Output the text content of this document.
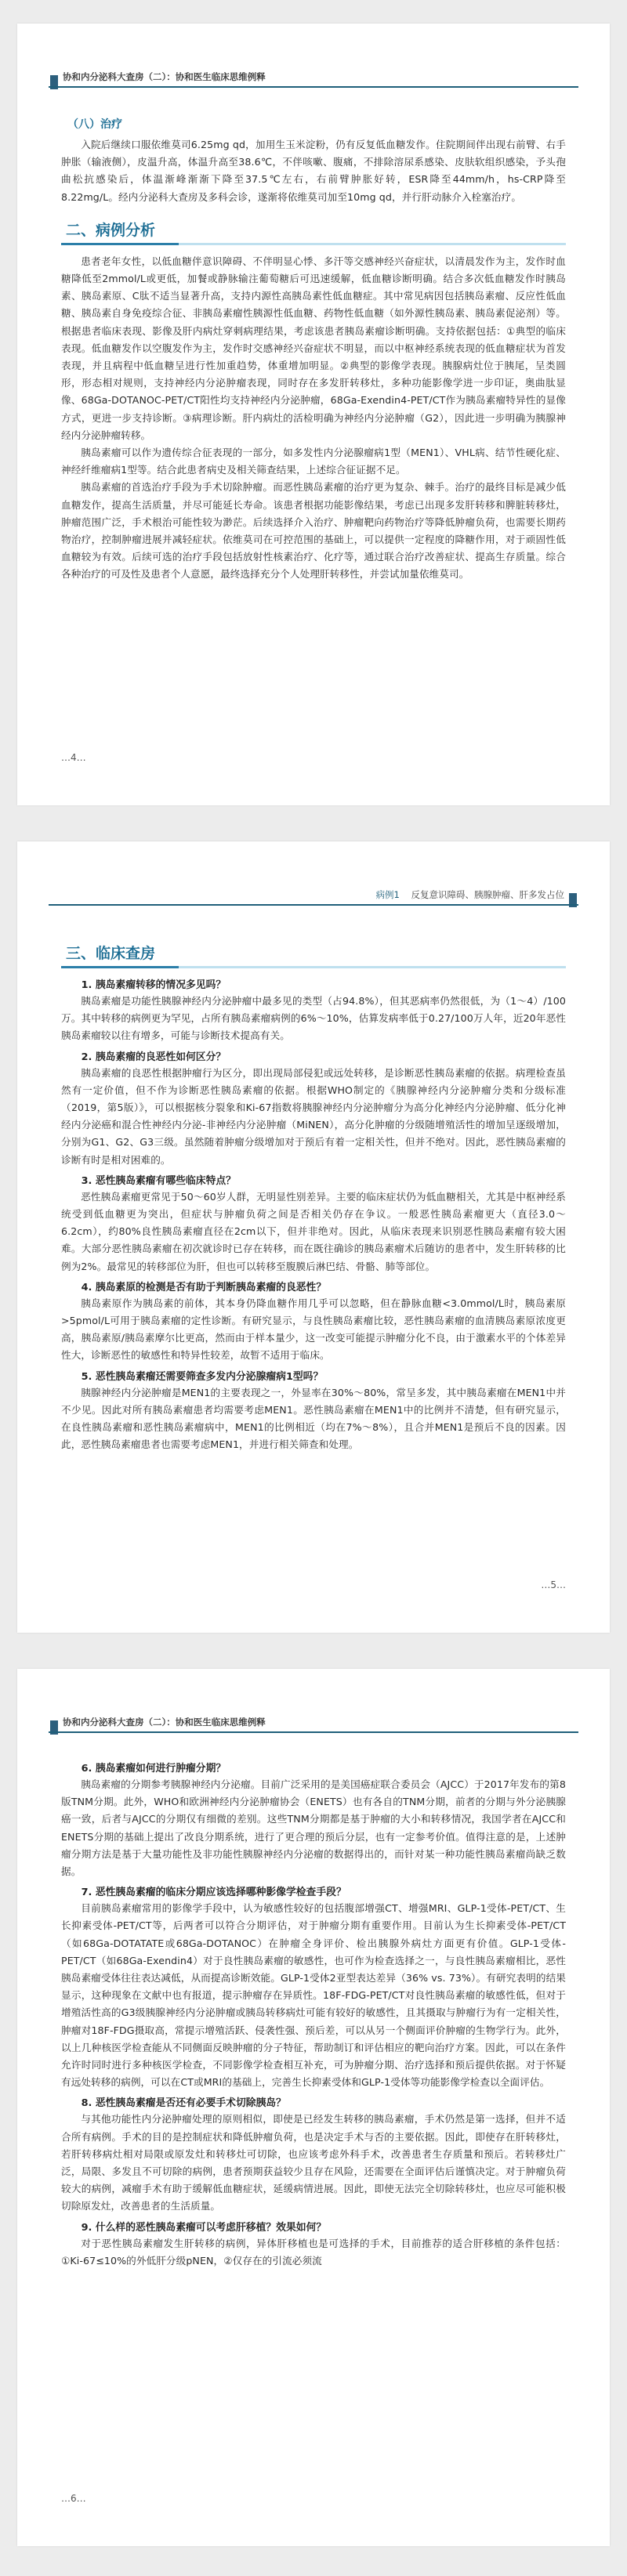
协和内分泌科大查房（二）：协和医生临床思维例释
（八）治疗

入院后继续口服依维莫司6.25mg qd，加用生玉米淀粉，仍有反复低血糖发作。住院期间伴出现右前臂、右手肿胀（输液侧），皮温升高，体温升高至38.6℃，不伴咳嗽、腹痛，不排除溶尿系感染、皮肤软组织感染，予头孢曲松抗感染后，体温渐峰渐渐下降至37.5℃左右，右前臂肿胀好转，ESR降至44mm/h，hs-CRP降至8.22mg/L。经内分泌科大查房及多科会诊，遂渐将依维莫司加至10mg qd，并行肝动脉介入栓塞治疗。

二、病例分析

患者老年女性，以低血糖伴意识障碍、不伴明显心悸、多汗等交感神经兴奋症状，以清晨发作为主，发作时血糖降低至2mmol/L或更低，加餐或静脉输注葡萄糖后可迅速缓解，低血糖诊断明确。结合多次低血糖发作时胰岛素、胰岛素原、C肽不适当显著升高，支持内源性高胰岛素性低血糖症。其中常见病因包括胰岛素瘤、反应性低血糖、胰岛素自身免疫综合征、非胰岛素瘤性胰源性低血糖、药物性低血糖（如外源性胰岛素、胰岛素促泌剂）等。根据患者临床表现、影像及肝内病灶穿刺病理结果，考虑该患者胰岛素瘤诊断明确。支持依据包括：①典型的临床表现。低血糖发作以空腹发作为主，发作时交感神经兴奋症状不明显，而以中枢神经系统表现的低血糖症状为首发表现，并且病程中低血糖呈进行性加重趋势，体重增加明显。②典型的影像学表现。胰腺病灶位于胰尾，呈类圆形，形态相对规则，支持神经内分泌肿瘤表现，同时存在多发肝转移灶，多种功能影像学进一步印证，奥曲肽显像、68Ga-DOTANOC-PET/CT阳性均支持神经内分泌肿瘤，68Ga-Exendin4-PET/CT作为胰岛素瘤特异性的显像方式，更进一步支持诊断。③病理诊断。肝内病灶的活检明确为神经内分泌肿瘤（G2），因此进一步明确为胰腺神经内分泌肿瘤转移。

胰岛素瘤可以作为遗传综合征表现的一部分，如多发性内分泌腺瘤病1型（MEN1）、VHL病、结节性硬化症、神经纤维瘤病1型等。结合此患者病史及相关筛查结果，上述综合征证据不足。

胰岛素瘤的首选治疗手段为手术切除肿瘤。而恶性胰岛素瘤的治疗更为复杂、棘手。治疗的最终目标是减少低血糖发作，提高生活质量，并尽可能延长寿命。该患者根据功能影像结果，考虑已出现多发肝转移和脾脏转移灶，肿瘤范围广泛，手术根治可能性较为渺茫。后续选择介入治疗、肿瘤靶向药物治疗等降低肿瘤负荷，也需要长期药物治疗，控制肿瘤进展并减轻症状。依维莫司在可控范围的基础上，可以提供一定程度的降糖作用，对于顽固性低血糖较为有效。后续可选的治疗手段包括放射性核素治疗、化疗等，通过联合治疗改善症状、提高生存质量。综合各种治疗的可及性及患者个人意愿，最终选择充分个人处理肝转移性，并尝试加量依维莫司。

…4…
病例1 反复意识障碍、胰腺肿瘤、肝多发占位
三、临床查房
1. 胰岛素瘤转移的情况多见吗？

胰岛素瘤是功能性胰腺神经内分泌肿瘤中最多见的类型（占94.8%），但其恶病率仍然很低，为（1～4）/100万。其中转移的病例更为罕见，占所有胰岛素瘤病例的6%～10%，估算发病率低于0.27/100万人年，近20年恶性胰岛素瘤较以往有增多，可能与诊断技术提高有关。

2. 胰岛素瘤的良恶性如何区分？

胰岛素瘤的良恶性根据肿瘤行为区分，即出现局部侵犯或远处转移，是诊断恶性胰岛素瘤的依据。病理检查虽然有一定价值，但不作为诊断恶性胰岛素瘤的依据。根据WHO制定的《胰腺神经内分泌肿瘤分类和分级标准（2019，第5版）》，可以根据核分裂象和Ki-67指数将胰腺神经内分泌肿瘤分为高分化神经内分泌肿瘤、低分化神经内分泌癌和混合性神经内分泌-非神经内分泌肿瘤（MiNEN），高分化肿瘤的分级随增殖活性的增加呈逐级增加，分别为G1、G2、G3三级。虽然随着肿瘤分级增加对于预后有着一定相关性，但并不绝对。因此，恶性胰岛素瘤的诊断有时是相对困难的。

3. 恶性胰岛素瘤有哪些临床特点？

恶性胰岛素瘤更常见于50～60岁人群，无明显性别差异。主要的临床症状仍为低血糖相关，尤其是中枢神经系统受到低血糖更为突出，但症状与肿瘤负荷之间是否相关仍存在争议。一般恶性胰岛素瘤更大（直径3.0～6.2cm），约80%良性胰岛素瘤直径在2cm以下，但并非绝对。因此，从临床表现来识别恶性胰岛素瘤有较大困难。大部分恶性胰岛素瘤在初次就诊时已存在转移，而在既往确诊的胰岛素瘤术后随访的患者中，发生肝转移的比例为2%。最常见的转移部位为肝，但也可以转移至腹膜后淋巴结、骨骼、肺等部位。

4. 胰岛素原的检测是否有助于判断胰岛素瘤的良恶性？

胰岛素原作为胰岛素的前体，其本身仍降血糖作用几乎可以忽略，但在静脉血糖<3.0mmol/L时，胰岛素原>5pmol/L可用于胰岛素瘤的定性诊断。有研究显示，与良性胰岛素瘤比较，恶性胰岛素瘤的血清胰岛素原浓度更高，胰岛素原/胰岛素摩尔比更高，然而由于样本量少，这一改变可能提示肿瘤分化不良，由于激素水平的个体差异性大，诊断恶性的敏感性和特异性较差，故暂不适用于临床。

5. 恶性胰岛素瘤还需要筛查多发内分泌腺瘤病1型吗？

胰腺神经内分泌肿瘤是MEN1的主要表现之一，外显率在30%～80%，常呈多发，其中胰岛素瘤在MEN1中并不少见。因此对所有胰岛素瘤患者均需要考虑MEN1。恶性胰岛素瘤在MEN1中的比例并不清楚，但有研究显示，在良性胰岛素瘤和恶性胰岛素瘤病中，MEN1的比例相近（均在7%～8%），且合并MEN1是预后不良的因素。因此，恶性胰岛素瘤患者也需要考虑MEN1，并进行相关筛查和处理。

…5…
协和内分泌科大查房（二）：协和医生临床思维例释
6. 胰岛素瘤如何进行肿瘤分期？

胰岛素瘤的分期参考胰腺神经内分泌瘤。目前广泛采用的是美国癌症联合委员会（AJCC）于2017年发布的第8版TNM分期。此外，WHO和欧洲神经内分泌肿瘤协会（ENETS）也有各自的TNM分期，前者的分期与外分泌胰腺癌一致，后者与AJCC的分期仅有细微的差别。这些TNM分期都是基于肿瘤的大小和转移情况，我国学者在AJCC和ENETS分期的基础上提出了改良分期系统，进行了更合理的预后分层，也有一定参考价值。值得注意的是，上述肿瘤分期方法是基于大量功能性及非功能性胰腺神经内分泌瘤的数据得出的，而针对某一种功能性胰岛素瘤尚缺乏数据。

7. 恶性胰岛素瘤的临床分期应该选择哪种影像学检查手段？

目前胰岛素瘤常用的影像学手段中，认为敏感性较好的包括腹部增强CT、增强MRI、GLP-1受体-PET/CT、生长抑素受体-PET/CT等，后两者可以符合分期评估，对于肿瘤分期有重要作用。目前认为生长抑素受体-PET/CT（如68Ga-DOTATATE或68Ga-DOTANOC）在肿瘤全身评价、检出胰腺外病灶方面更有价值。GLP-1受体-PET/CT（如68Ga-Exendin4）对于良性胰岛素瘤的敏感性，也可作为检查选择之一，与良性胰岛素瘤相比，恶性胰岛素瘤受体往往表达减低，从而提高诊断效能。GLP-1受体2亚型表达差异（36% vs. 73%）。有研究表明的结果显示，这种现象在文献中也有报道，提示肿瘤存在异质性。18F-FDG-PET/CT对良性胰岛素瘤的敏感性低，但对于增殖活性高的G3级胰腺神经内分泌肿瘤或胰岛转移病灶可能有较好的敏感性，且其摄取与肿瘤行为有一定相关性，肿瘤对18F-FDG摄取高，常提示增殖活跃、侵袭性强、预后差，可以从另一个侧面评价肿瘤的生物学行为。此外，以上几种核医学检查能从不同侧面反映肿瘤的分子特征，帮助制订和评估相应的靶向治疗方案。因此，可以在条件允许时同时进行多种核医学检查，不同影像学检查相互补充，可为肿瘤分期、治疗选择和预后提供依据。对于怀疑有远处转移的病例，可以在CT或MRI的基础上，完善生长抑素受体和GLP-1受体等功能影像学检查以全面评估。

8. 恶性胰岛素瘤是否还有必要手术切除胰岛？

与其他功能性内分泌肿瘤处理的原则相似，即使是已经发生转移的胰岛素瘤，手术仍然是第一选择，但并不适合所有病例。手术的目的是控制症状和降低肿瘤负荷，也是决定手术与否的主要依据。因此，即使存在肝转移灶，若肝转移病灶相对局限或原发灶和转移灶可切除，也应该考虑外科手术，改善患者生存质量和预后。若转移灶广泛，局限、多发且不可切除的病例，患者预期获益较少且存在风险，还需要在全面评估后谨慎决定。对于肿瘤负荷较大的病例，减瘤手术有助于缓解低血糖症状，延缓病情进展。因此，即使无法完全切除转移灶，也应尽可能积极切除原发灶，改善患者的生活质量。

9. 什么样的恶性胰岛素瘤可以考虑肝移植？效果如何？

对于恶性胰岛素瘤发生肝转移的病例，异体肝移植也是可选择的手术，目前推荐的适合肝移植的条件包括：①Ki-67≤10%的外低肝分级pNEN，②仅存在的引流必须流

…6…
